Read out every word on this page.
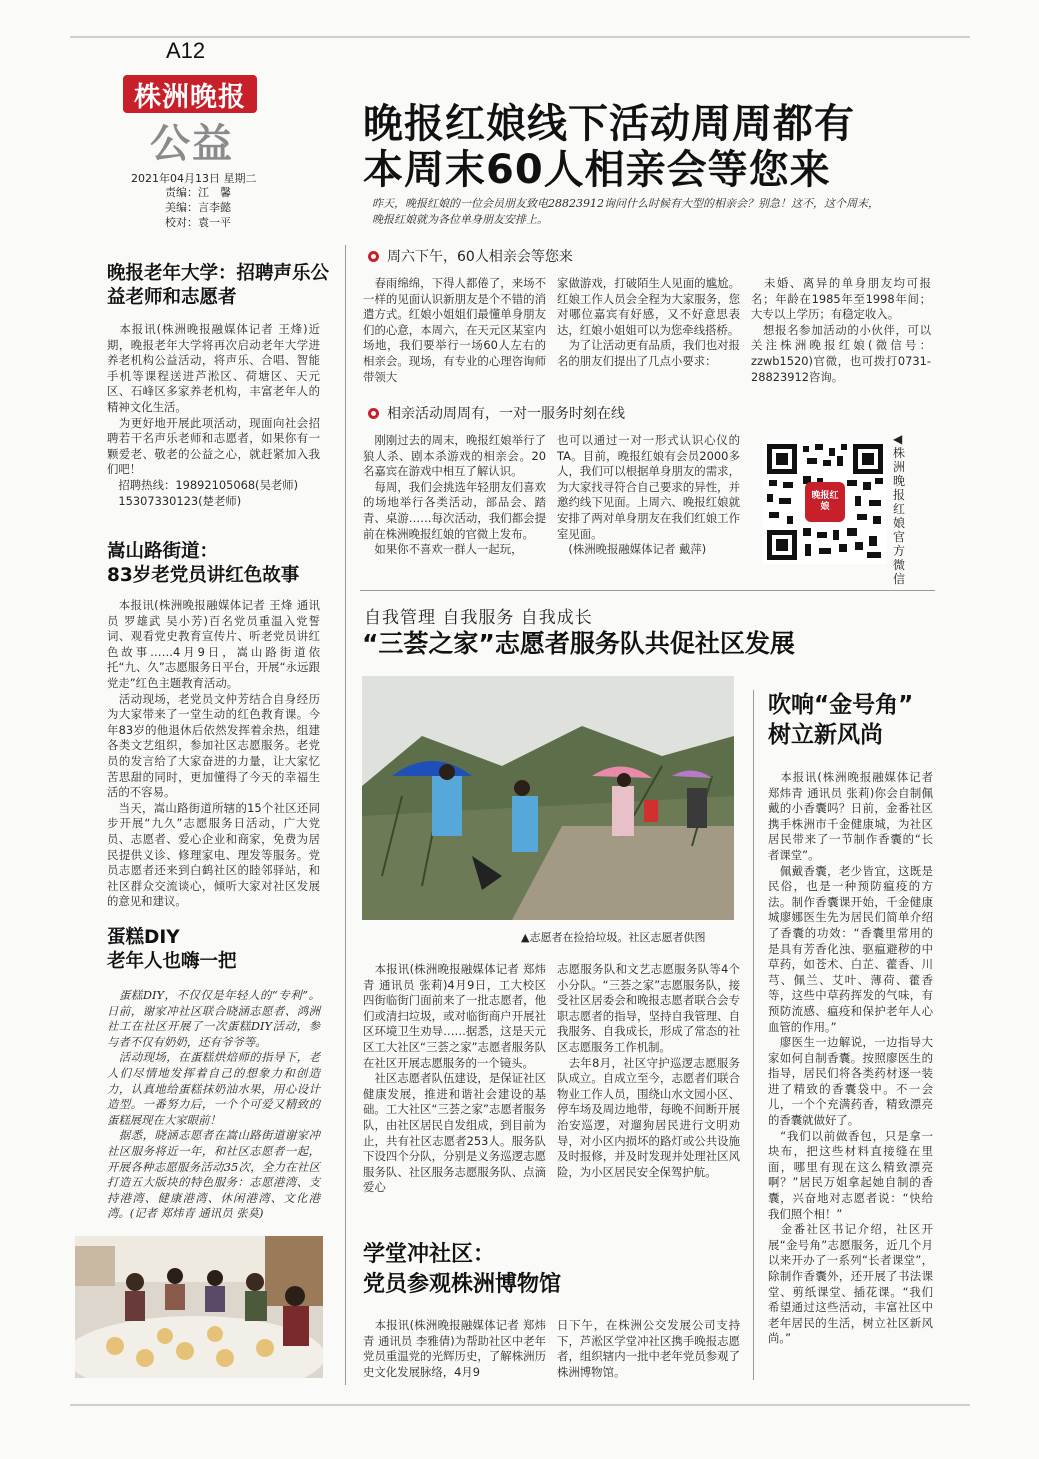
A12
株洲晚报
公益
2021年04月13日 星期二
责编：江　馨
美编：言李懿
校对：袁一平
晚报红娘线下活动周周都有
本周末60人相亲会等您来
昨天，晚报红娘的一位会员朋友致电28823912询问什么时候有大型的相亲会？别急！这不，这个周末，
晚报红娘就为各位单身朋友安排上。
周六下午，60人相亲会等您来

　春雨绵绵，下得人都倦了，来场不一样的见面认识新朋友是个不错的消遣方式。红娘小姐姐们最懂单身朋友们的心意，本周六，在天元区某室内场地，我们要举行一场60人左右的相亲会。现场，有专业的心理咨询师带领大

家做游戏，打破陌生人见面的尴尬。红娘工作人员会全程为大家服务，您对哪位嘉宾有好感，又不好意思表达，红娘小姐姐可以为您牵线搭桥。
　为了让活动更有品质，我们也对报名的朋友们提出了几点小要求：

　未婚、离异的单身朋友均可报名；年龄在1985年至1998年间；大专以上学历；有稳定收入。
　想报名参加活动的小伙伴，可以关注株洲晚报红娘(微信号：zzwb1520)官微，也可拨打0731-28823912咨询。

相亲活动周周有，一对一服务时刻在线

　刚刚过去的周末，晚报红娘举行了狼人杀、剧本杀游戏的相亲会。20名嘉宾在游戏中相互了解认识。
　每周，我们会挑选年轻朋友们喜欢的场地举行各类活动，部品会、踏青、桌游……每次活动，我们都会提前在株洲晚报红娘的官微上发布。
　如果你不喜欢一群人一起玩，

也可以通过一对一形式认识心仪的TA。目前，晚报红娘有会员2000多人，我们可以根据单身朋友的需求，为大家找寻符合自己要求的异性，并邀约线下见面。上周六、晚报红娘就安排了两对单身朋友在我们红娘工作室见面。
　(株洲晚报融媒体记者 戴萍)

晚报红娘
◀株洲晚报红娘官方微信
晚报老年大学：招聘声乐公益老师和志愿者

　本报讯(株洲晚报融媒体记者 王烽)近期，晚报老年大学将再次启动老年大学进养老机构公益活动，将声乐、合唱、智能手机等课程送进芦淞区、荷塘区、天元区、石峰区多家养老机构，丰富老年人的精神文化生活。
　为更好地开展此项活动，现面向社会招聘若干名声乐老师和志愿者，如果你有一颗爱老、敬老的公益之心，就赶紧加入我们吧！
　招聘热线：19892105068(吴老师)
　15307330123(楚老师)

嵩山路街道：
83岁老党员讲红色故事

　本报讯(株洲晚报融媒体记者 王烽 通讯员 罗雄武 吴小芳)百名党员重温入党誓词、观看党史教育宣传片、听老党员讲红色故事……4月9日，嵩山路街道依托“九、久”志愿服务日平台，开展“永远跟党走”红色主题教育活动。
　活动现场，老党员文仲芳结合自身经历为大家带来了一堂生动的红色教育课。今年83岁的他退休后依然发挥着余热，组建各类文艺组织，参加社区志愿服务。老党员的发言给了大家奋进的力量，让大家忆苦思甜的同时，更加懂得了今天的幸福生活的不容易。
　当天，嵩山路街道所辖的15个社区还同步开展“九久”志愿服务日活动，广大党员、志愿者、爱心企业和商家，免费为居民提供义诊、修理家电、理发等服务。党员志愿者还来到白鹤社区的睦邻驿站，和社区群众交流谈心，倾听大家对社区发展的意见和建议。

蛋糕DIY
老年人也嗨一把

　蛋糕DIY，不仅仅是年轻人的“专利”。日前，谢家冲社区联合晓涵志愿者、鸿洲社工在社区开展了一次蛋糕DIY活动，参与者不仅有奶奶，还有爷爷等。
　活动现场，在蛋糕烘焙师的指导下，老人们尽情地发挥着自己的想象力和创造力，认真地给蛋糕抹奶油水果，用心设计造型。一番努力后，一个个可爱又精致的蛋糕展现在大家眼前！
　据悉，晓涵志愿者在嵩山路街道谢家冲社区服务将近一年，和社区志愿者一起，开展各种志愿服务活动35次，全力在社区打造五大版块的特色服务：志愿港湾、支持港湾、健康港湾、休闲港湾、文化港湾。(记者 郑炜青 通讯员 张莫)

自我管理 自我服务 自我成长
“三荟之家”志愿者服务队共促社区发展
▲志愿者在捡拾垃圾。社区志愿者供图

　本报讯(株洲晚报融媒体记者 郑炜青 通讯员 张莉)4月9日，工大校区四街临街门面前来了一批志愿者，他们或清扫垃圾，或对临街商户开展社区环境卫生劝导……据悉，这是天元区工大社区“三荟之家”志愿者服务队在社区开展志愿服务的一个镜头。
　社区志愿者队伍建设，是保证社区健康发展，推进和谐社会建设的基础。工大社区“三荟之家”志愿者服务队，由社区居民自发组成，到目前为止，共有社区志愿者253人。服务队下设四个分队，分别是义务巡逻志愿服务队、社区服务志愿服务队、点滴爱心

志愿服务队和文艺志愿服务队等4个小分队。“三荟之家”志愿服务队，接受社区居委会和晚报志愿者联合会专职志愿者的指导，坚持自我管理、自我服务、自我成长，形成了常态的社区志愿服务工作机制。
　去年8月，社区守护巡逻志愿服务队成立。自成立至今，志愿者们联合物业工作人员，围绕山水文园小区、停车场及周边地带，每晚不间断开展治安巡逻，对遛狗居民进行文明劝导，对小区内损坏的路灯或公共设施及时报修，并及时发现并处理社区风险，为小区居民安全保驾护航。

吹响“金号角”
树立新风尚

　本报讯(株洲晚报融媒体记者 郑炜青 通讯员 张莉)你会自制佩戴的小香囊吗？日前，金番社区携手株洲市千金健康城，为社区居民带来了一节制作香囊的“长者课堂”。
　佩戴香囊，老少皆宜，这既是民俗，也是一种预防瘟疫的方法。制作香囊课开始，千金健康城廖娜医生先为居民们简单介绍了香囊的功效：“香囊里常用的是具有芳香化浊、驱瘟避秽的中草药，如苍术、白芷、藿香、川芎、佩兰、艾叶、薄荷、藿香等，这些中草药挥发的气味，有预防流感、瘟疫和保护老年人心血管的作用。”
　廖医生一边解说，一边指导大家如何自制香囊。按照廖医生的指导，居民们将各类药材逐一装进了精致的香囊袋中。不一会儿，一个个充满药香，精致漂亮的香囊就做好了。
　“我们以前做香包，只是拿一块布，把这些材料直接缝在里面，哪里有现在这么精致漂亮啊？”居民万姐拿起她自制的香囊，兴奋地对志愿者说：“快给我们照个相！”
　金番社区书记介绍，社区开展“金号角”志愿服务，近几个月以来开办了一系列“长者课堂”，除制作香囊外，还开展了书法课堂、剪纸课堂、插花课。“我们希望通过这些活动，丰富社区中老年居民的生活，树立社区新风尚。”

学堂冲社区：
党员参观株洲博物馆

　本报讯(株洲晚报融媒体记者 郑炜青 通讯员 李雅倩)为帮助社区中老年党员重温党的光辉历史，了解株洲历史文化发展脉络，4月9

日下午，在株洲公交发展公司支持下，芦淞区学堂冲社区携手晚报志愿者，组织辖内一批中老年党员参观了株洲博物馆。
